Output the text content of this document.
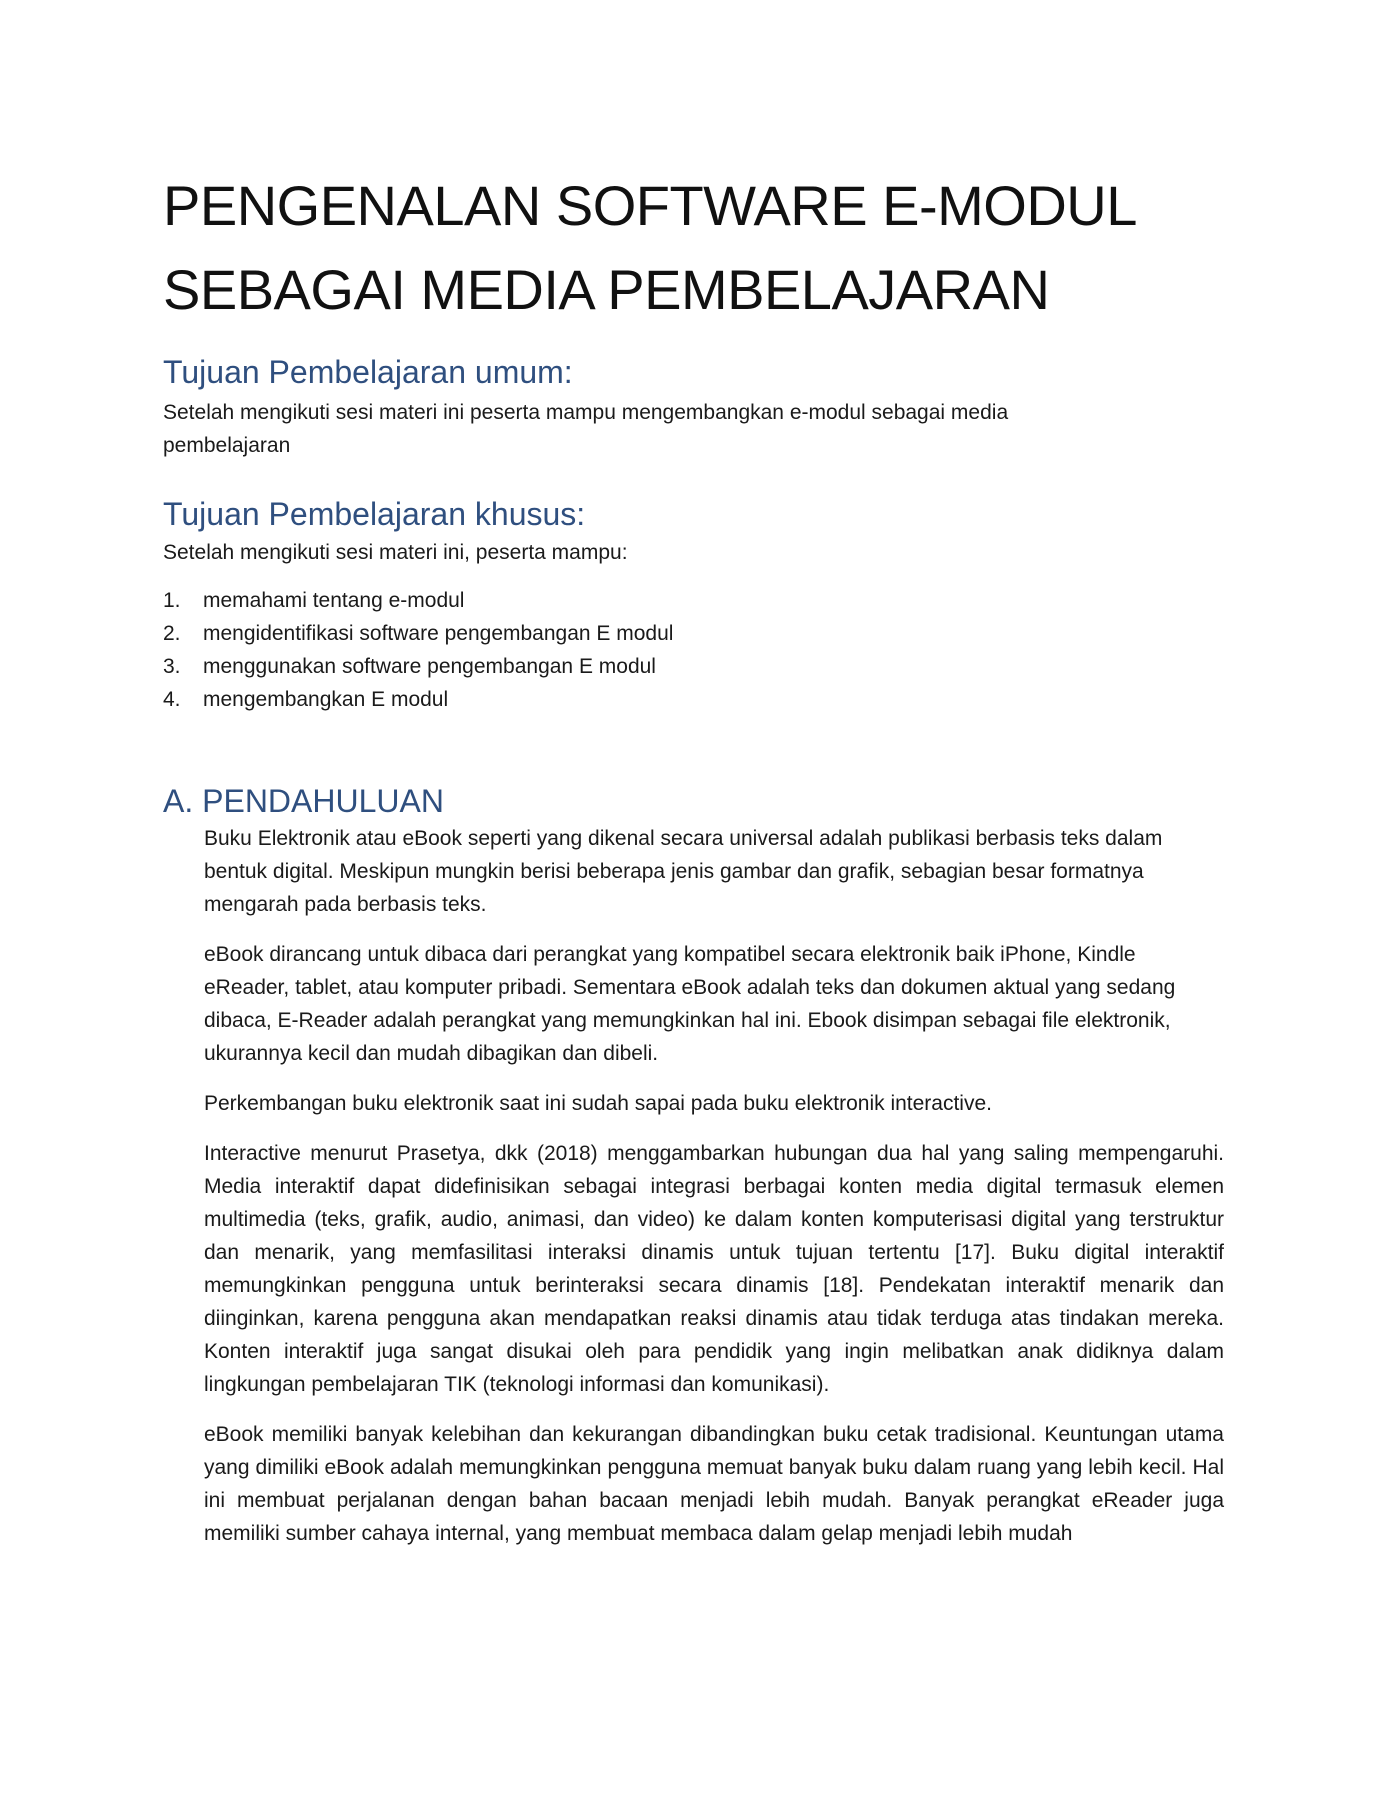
PENGENALAN SOFTWARE E-MODUL
SEBAGAI MEDIA PEMBELAJARAN
Tujuan Pembelajaran umum:

Setelah mengikuti sesi materi ini peserta mampu mengembangkan e-modul sebagai media pembelajaran

Tujuan Pembelajaran khusus:

Setelah mengikuti sesi materi ini, peserta mampu:

1. memahami tentang e-modul
2. mengidentifikasi software pengembangan E modul
3. menggunakan software pengembangan E modul
4. mengembangkan E modul
A. PENDAHULUAN

Buku Elektronik atau eBook seperti yang dikenal secara universal adalah publikasi berbasis teks dalam bentuk digital. Meskipun mungkin berisi beberapa jenis gambar dan grafik, sebagian besar formatnya mengarah pada berbasis teks.

eBook dirancang untuk dibaca dari perangkat yang kompatibel secara elektronik baik iPhone, Kindle eReader, tablet, atau komputer pribadi. Sementara eBook adalah teks dan dokumen aktual yang sedang dibaca, E-Reader adalah perangkat yang memungkinkan hal ini. Ebook disimpan sebagai file elektronik, ukurannya kecil dan mudah dibagikan dan dibeli.

Perkembangan buku elektronik saat ini sudah sapai pada buku elektronik interactive.

Interactive menurut Prasetya, dkk (2018) menggambarkan hubungan dua hal yang saling mempengaruhi. Media interaktif dapat didefinisikan sebagai integrasi berbagai konten media digital termasuk elemen multimedia (teks, grafik, audio, animasi, dan video) ke dalam konten komputerisasi digital yang terstruktur dan menarik, yang memfasilitasi interaksi dinamis untuk tujuan tertentu [17]. Buku digital interaktif memungkinkan pengguna untuk berinteraksi secara dinamis [18]. Pendekatan interaktif menarik dan diinginkan, karena pengguna akan mendapatkan reaksi dinamis atau tidak terduga atas tindakan mereka. Konten interaktif juga sangat disukai oleh para pendidik yang ingin melibatkan anak didiknya dalam lingkungan pembelajaran TIK (teknologi informasi dan komunikasi).

eBook memiliki banyak kelebihan dan kekurangan dibandingkan buku cetak tradisional. Keuntungan utama yang dimiliki eBook adalah memungkinkan pengguna memuat banyak buku dalam ruang yang lebih kecil. Hal ini membuat perjalanan dengan bahan bacaan menjadi lebih mudah. Banyak perangkat eReader juga memiliki sumber cahaya internal, yang membuat membaca dalam gelap menjadi lebih mudah
